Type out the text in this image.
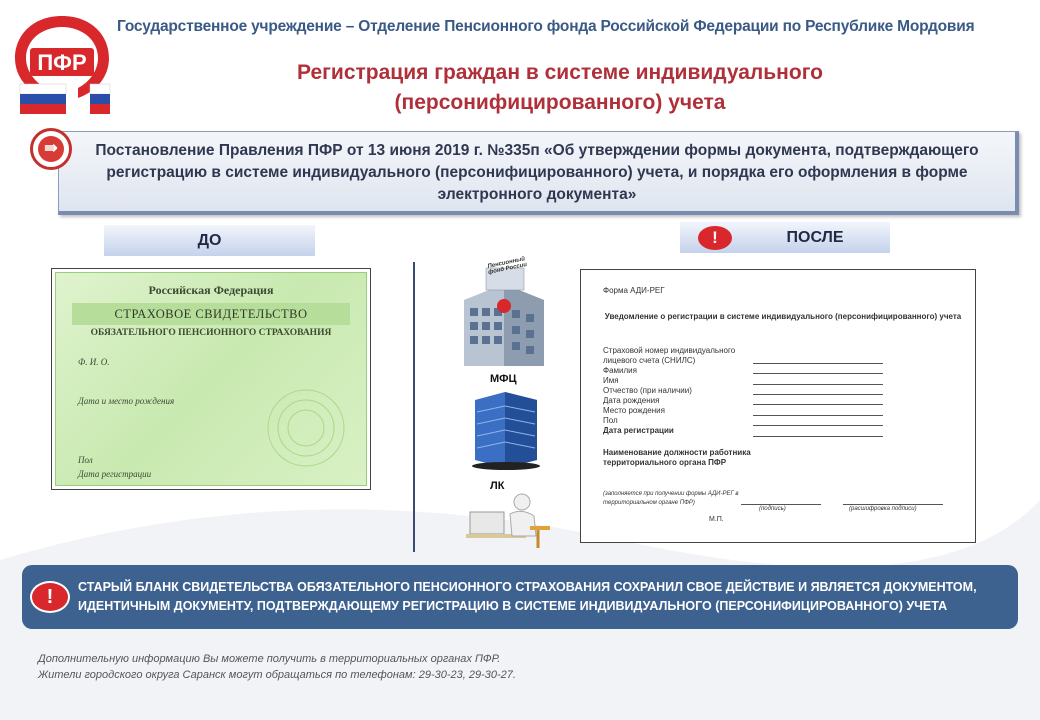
ПФР
Государственное учреждение – Отделение Пенсионного фонда Российской Федерации по Республике Мордовия
Регистрация граждан в системе индивидуального
(персонифицированного) учета
Постановление Правления ПФР от 13 июня 2019 г. №335п «Об утверждении формы документа, подтверждающего регистрацию в системе индивидуального (персонифицированного) учета, и порядка его оформления в форме электронного документа»
⇛
ДО	!	ПОСЛЕ
Российская Федерация
СТРАХОВОЕ СВИДЕТЕЛЬСТВО
ОБЯЗАТЕЛЬНОГО ПЕНСИОННОГО СТРАХОВАНИЯ
Ф. И. О.
Дата и место рождения
Пол
Дата регистрации
Пенсионный фонд России
МФЦ
ЛК
Форма АДИ-РЕГ
Уведомление о регистрации в системе индивидуального (персонифицированного) учета
Страховой номер индивидуального лицевого счета (СНИЛС)
Фамилия
Имя
Отчество (при наличии)
Дата рождения
Место рождения
Пол
Дата регистрации
Наименование должности работника территориального органа ПФР
(заполняется при получении формы АДИ-РЕГ в территориальном органе ПФР)
(подпись)	(расшифровка подписи)
М.П.
!	СТАРЫЙ БЛАНК СВИДЕТЕЛЬСТВА ОБЯЗАТЕЛЬНОГО ПЕНСИОННОГО СТРАХОВАНИЯ СОХРАНИЛ СВОЕ ДЕЙСТВИЕ И ЯВЛЯЕТСЯ ДОКУМЕНТОМ, ИДЕНТИЧНЫМ ДОКУМЕНТУ, ПОДТВЕРЖДАЮЩЕМУ РЕГИСТРАЦИЮ В СИСТЕМЕ ИНДИВИДУАЛЬНОГО (ПЕРСОНИФИЦИРОВАННОГО) УЧЕТА
Дополнительную информацию Вы можете получить в территориальных органах ПФР.
Жители городского округа Саранск могут обращаться по телефонам: 29-30-23, 29-30-27.
